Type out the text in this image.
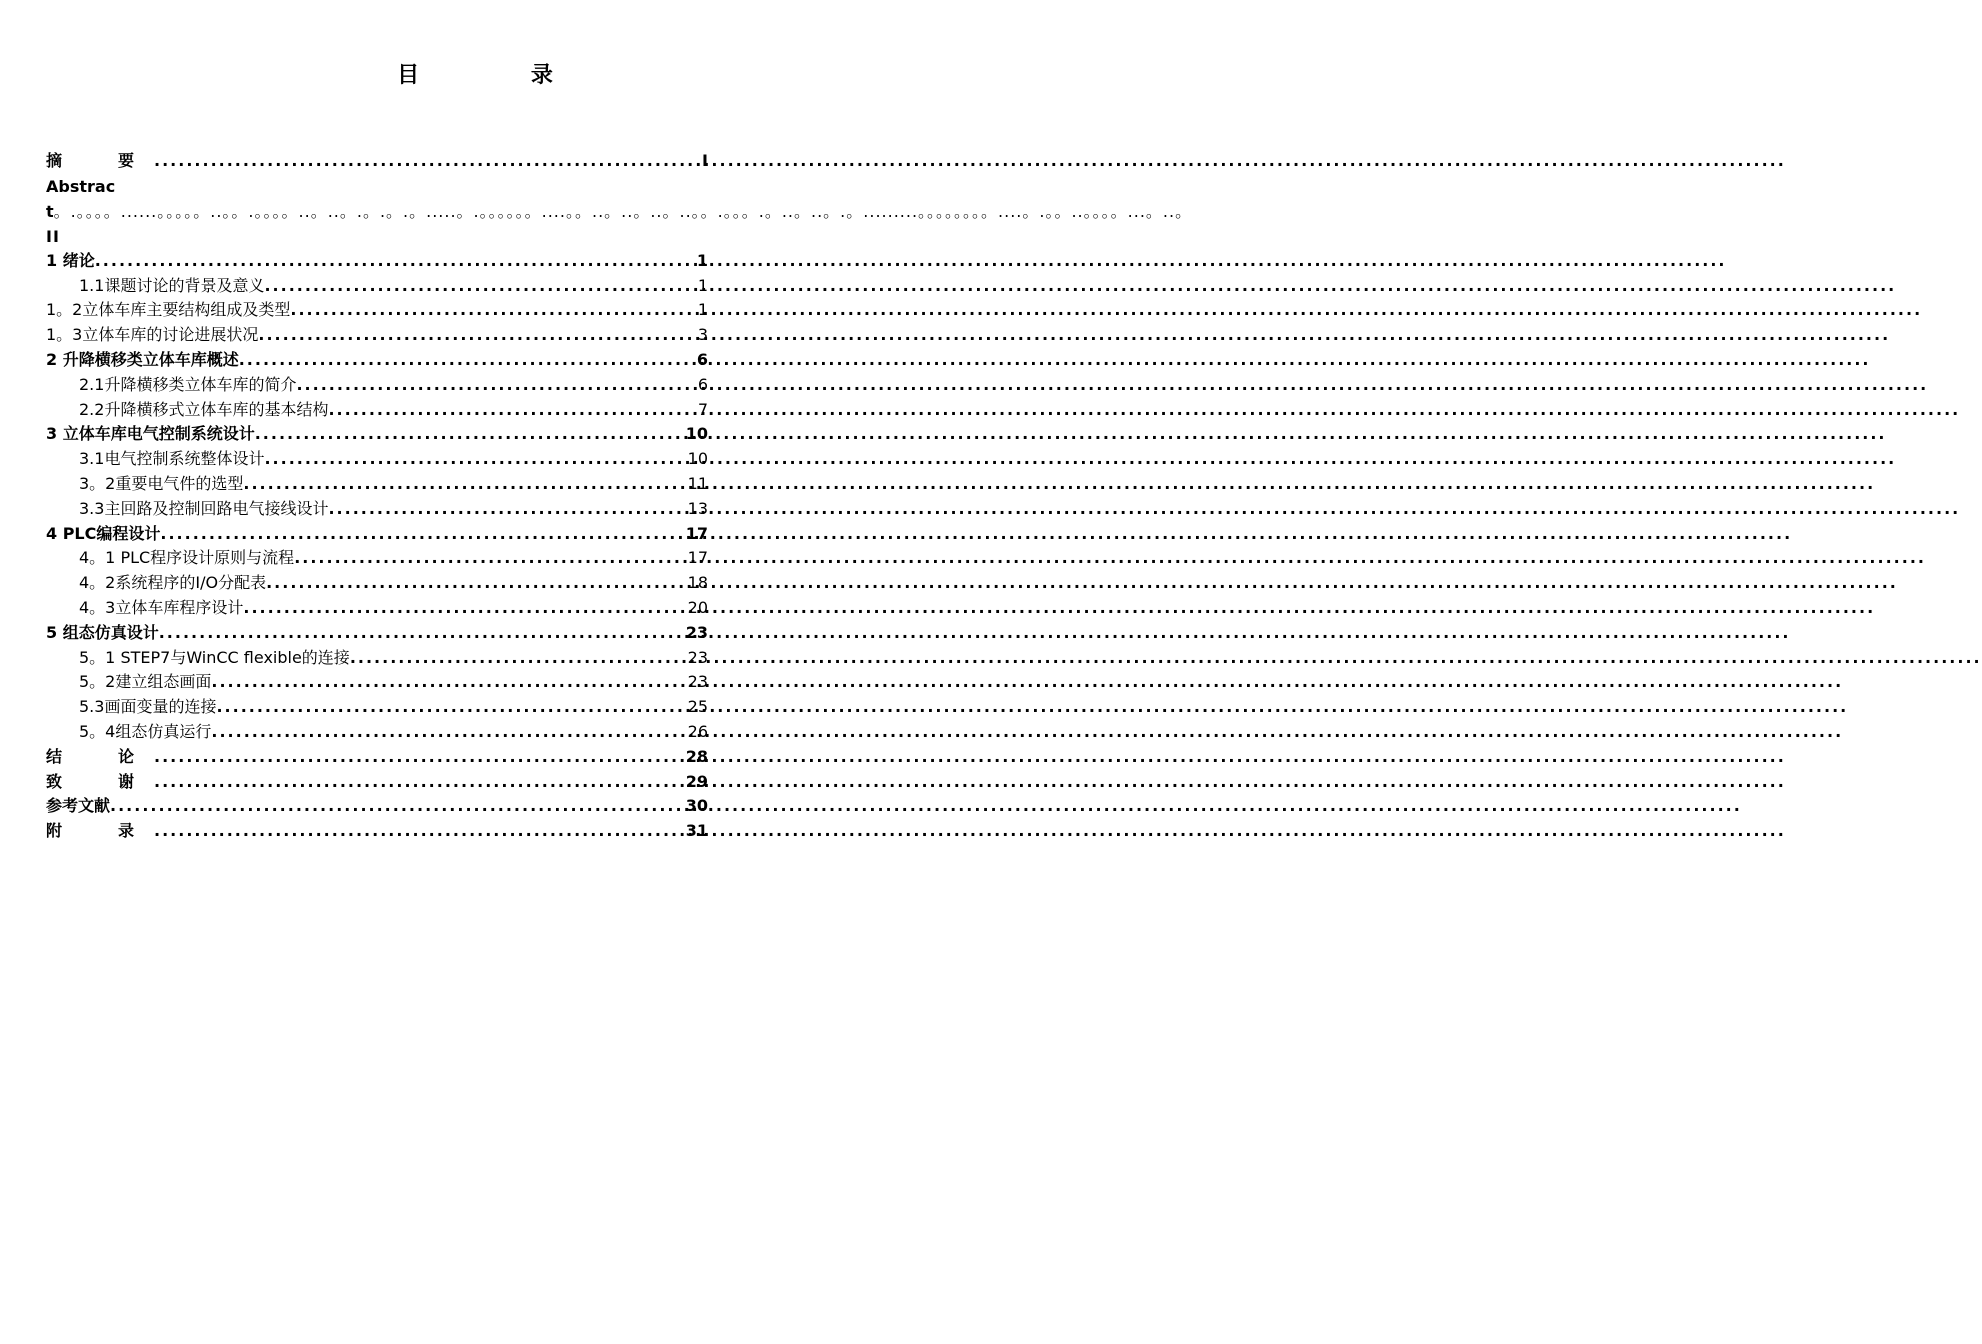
目 录
摘　要 .....	I
Abstract。.。。。。......。。。。。..。。.。。。。..。..。.。.。.。.....。.。。。。。。....。。..。..。..。..。。.。。。.。..。..。.。.........。。。。。。。。....。.。。..。。。。...。..。 II
1 绪论 .....	1
1.1课题讨论的背景及意义 .....	1
1。2立体车库主要结构组成及类型 .....	1
1。3立体车库的讨论进展状况 .....	3
2 升降横移类立体车库概述 .....	6
2.1升降横移类立体车库的简介 .....	6
2.2升降横移式立体车库的基本结构 .....	7
3 立体车库电气控制系统设计 .....	10
3.1电气控制系统整体设计 .....	10
3。2重要电气件的选型 .....	11
3.3主回路及控制回路电气接线设计 .....	13
4 PLC编程设计 .....	17
4。1 PLC程序设计原则与流程 .....	17
4。2系统程序的I/O分配表 .....	18
4。3立体车库程序设计 .....	20
5 组态仿真设计 .....	23
5。1 STEP7与WinCC flexible的连接 .....	23
5。2建立组态画面 .....	23
5.3画面变量的连接 .....	25
5。4组态仿真运行 .....	26
结　论 .....	28
致　谢 .....	29
参考文献 .....	30
附　录 .....	31
